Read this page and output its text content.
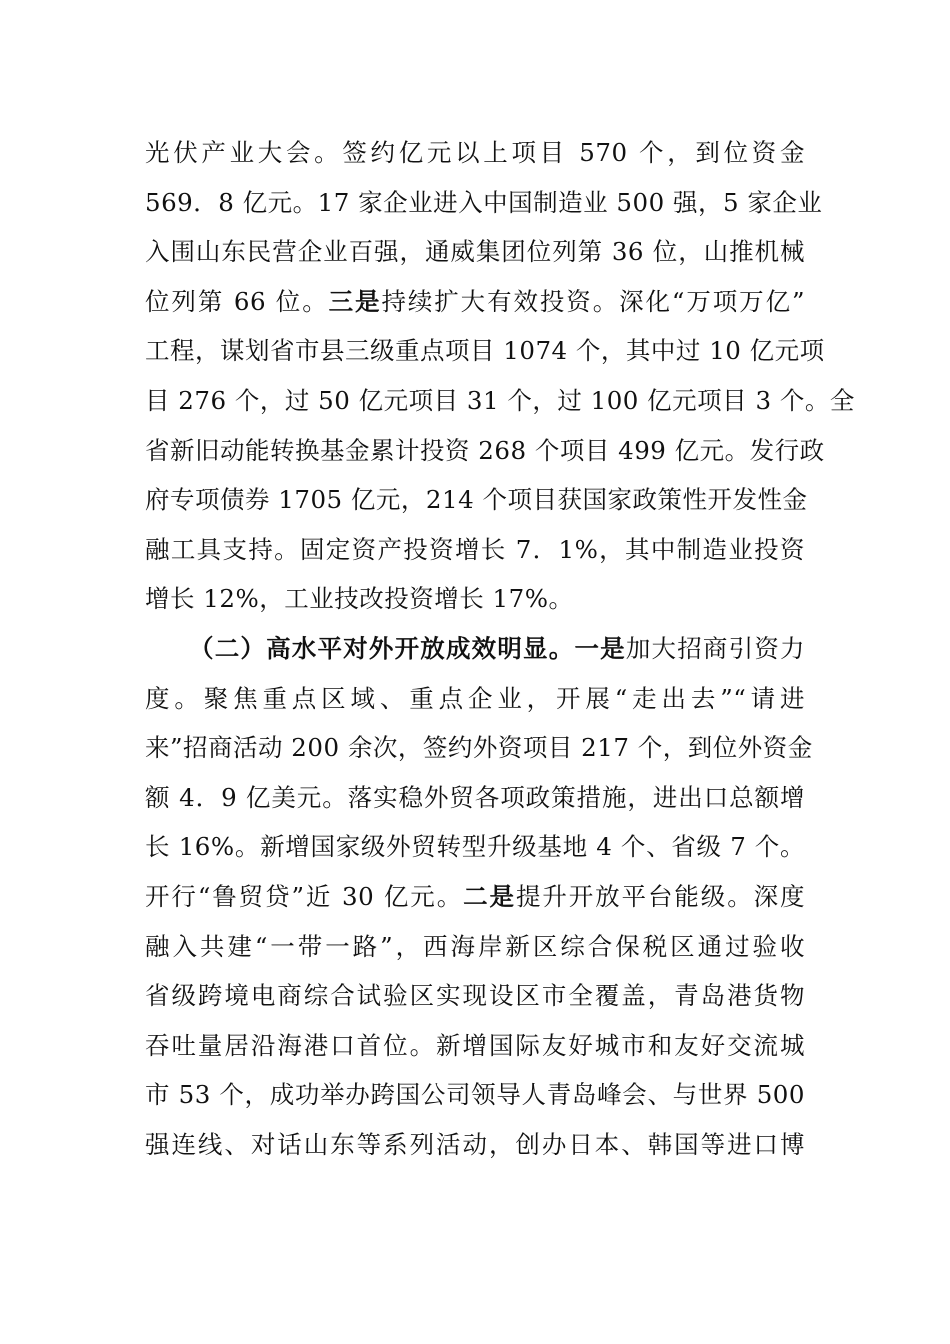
光伏产业大会。签约亿元以上项目 570 个，到位资金
569．8 亿元。17 家企业进入中国制造业 500 强，5 家企业
入围山东民营企业百强，通威集团位列第 36 位，山推机械
位列第 66 位。三是持续扩大有效投资。深化“万项万亿”
工程，谋划省市县三级重点项目 1074 个，其中过 10 亿元项
目 276 个，过 50 亿元项目 31 个，过 100 亿元项目 3 个。全
省新旧动能转换基金累计投资 268 个项目 499 亿元。发行政
府专项债券 1705 亿元，214 个项目获国家政策性开发性金
融工具支持。固定资产投资增长 7．1%，其中制造业投资
增长 12%，工业技改投资增长 17%。
（二）高水平对外开放成效明显。一是加大招商引资力
度。聚焦重点区域、重点企业，开展“走出去”“请进
来”招商活动 200 余次，签约外资项目 217 个，到位外资金
额 4．9 亿美元。落实稳外贸各项政策措施，进出口总额增
长 16%。新增国家级外贸转型升级基地 4 个、省级 7 个。
开行“鲁贸贷”近 30 亿元。二是提升开放平台能级。深度
融入共建“一带一路”，西海岸新区综合保税区通过验收
省级跨境电商综合试验区实现设区市全覆盖，青岛港货物
吞吐量居沿海港口首位。新增国际友好城市和友好交流城
市 53 个，成功举办跨国公司领导人青岛峰会、与世界 500
强连线、对话山东等系列活动，创办日本、韩国等进口博
